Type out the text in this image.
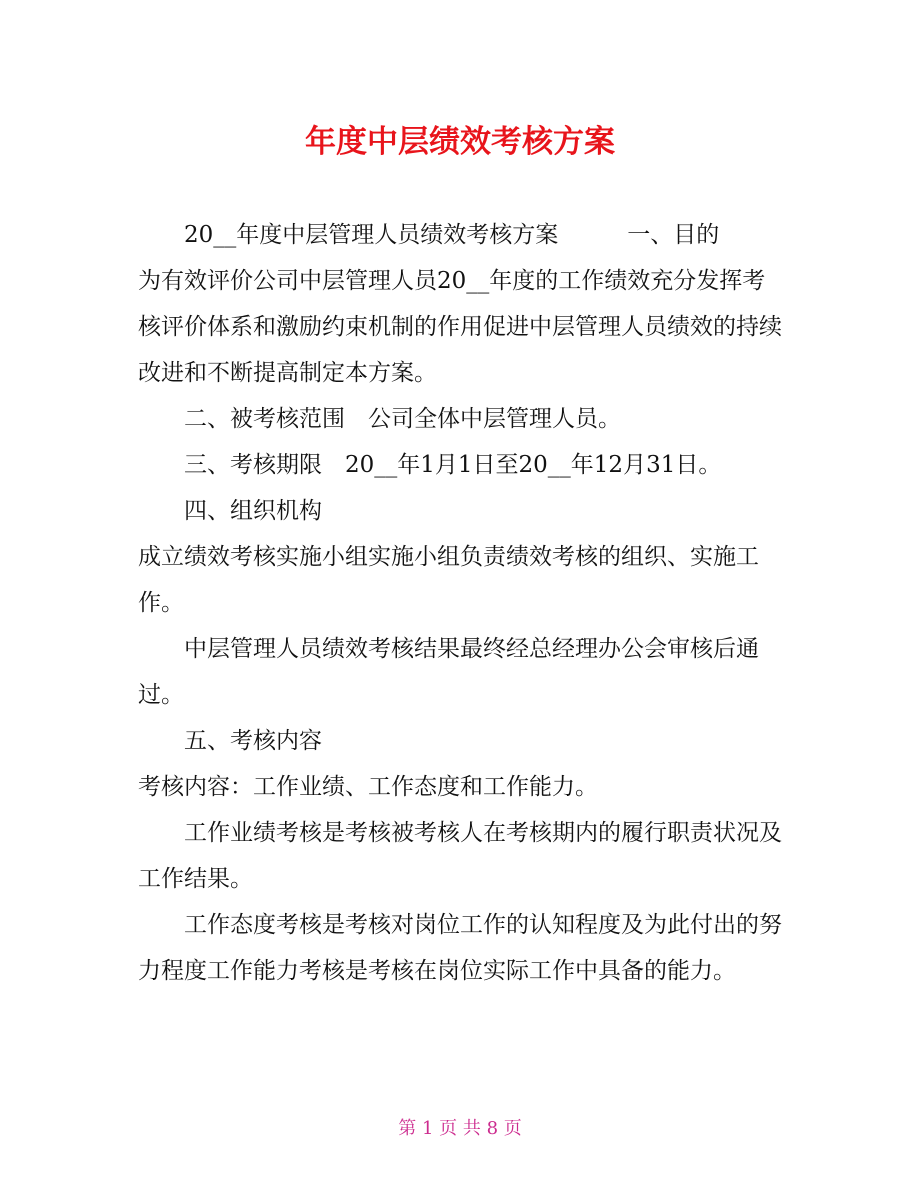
年度中层绩效考核方案

20__年度中层管理人员绩效考核方案　　　一、目的

为有效评价公司中层管理人员20__年度的工作绩效充分发挥考核评价体系和激励约束机制的作用促进中层管理人员绩效的持续改进和不断提高制定本方案。

二、被考核范围　公司全体中层管理人员。

三、考核期限　20__年1月1日至20__年12月31日。

四、组织机构

成立绩效考核实施小组实施小组负责绩效考核的组织、实施工作。

中层管理人员绩效考核结果最终经总经理办公会审核后通过。

五、考核内容

考核内容：工作业绩、工作态度和工作能力。

工作业绩考核是考核被考核人在考核期内的履行职责状况及工作结果。

工作态度考核是考核对岗位工作的认知程度及为此付出的努力程度工作能力考核是考核在岗位实际工作中具备的能力。

第 1 页 共 8 页
